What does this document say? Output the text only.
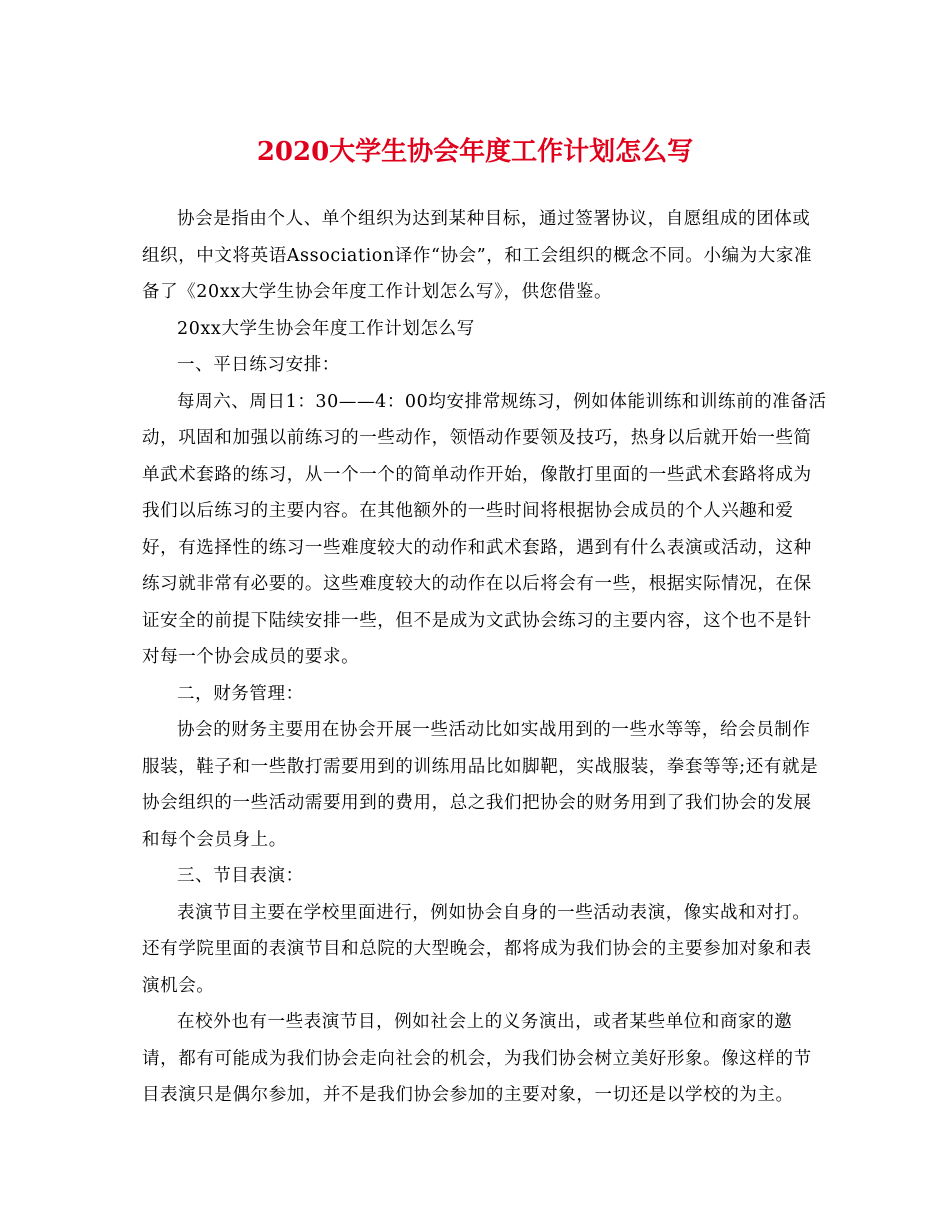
2020大学生协会年度工作计划怎么写

协会是指由个人、单个组织为达到某种目标，通过签署协议，自愿组成的团体或组织，中文将英语Association译作“协会”，和工会组织的概念不同。小编为大家准备了《20xx大学生协会年度工作计划怎么写》，供您借鉴。

20xx大学生协会年度工作计划怎么写

一、平日练习安排：

每周六、周日1：30——4：00均安排常规练习，例如体能训练和训练前的准备活动，巩固和加强以前练习的一些动作，领悟动作要领及技巧，热身以后就开始一些简单武术套路的练习，从一个一个的简单动作开始，像散打里面的一些武术套路将成为我们以后练习的主要内容。在其他额外的一些时间将根据协会成员的个人兴趣和爱好，有选择性的练习一些难度较大的动作和武术套路，遇到有什么表演或活动，这种练习就非常有必要的。这些难度较大的动作在以后将会有一些，根据实际情况，在保证安全的前提下陆续安排一些，但不是成为文武协会练习的主要内容，这个也不是针对每一个协会成员的要求。

二，财务管理：

协会的财务主要用在协会开展一些活动比如实战用到的一些水等等，给会员制作服装，鞋子和一些散打需要用到的训练用品比如脚靶，实战服装，拳套等等;还有就是协会组织的一些活动需要用到的费用，总之我们把协会的财务用到了我们协会的发展和每个会员身上。

三、节目表演：

表演节目主要在学校里面进行，例如协会自身的一些活动表演，像实战和对打。还有学院里面的表演节目和总院的大型晚会，都将成为我们协会的主要参加对象和表演机会。

在校外也有一些表演节目，例如社会上的义务演出，或者某些单位和商家的邀请，都有可能成为我们协会走向社会的机会，为我们协会树立美好形象。像这样的节目表演只是偶尔参加，并不是我们协会参加的主要对象，一切还是以学校的为主。
